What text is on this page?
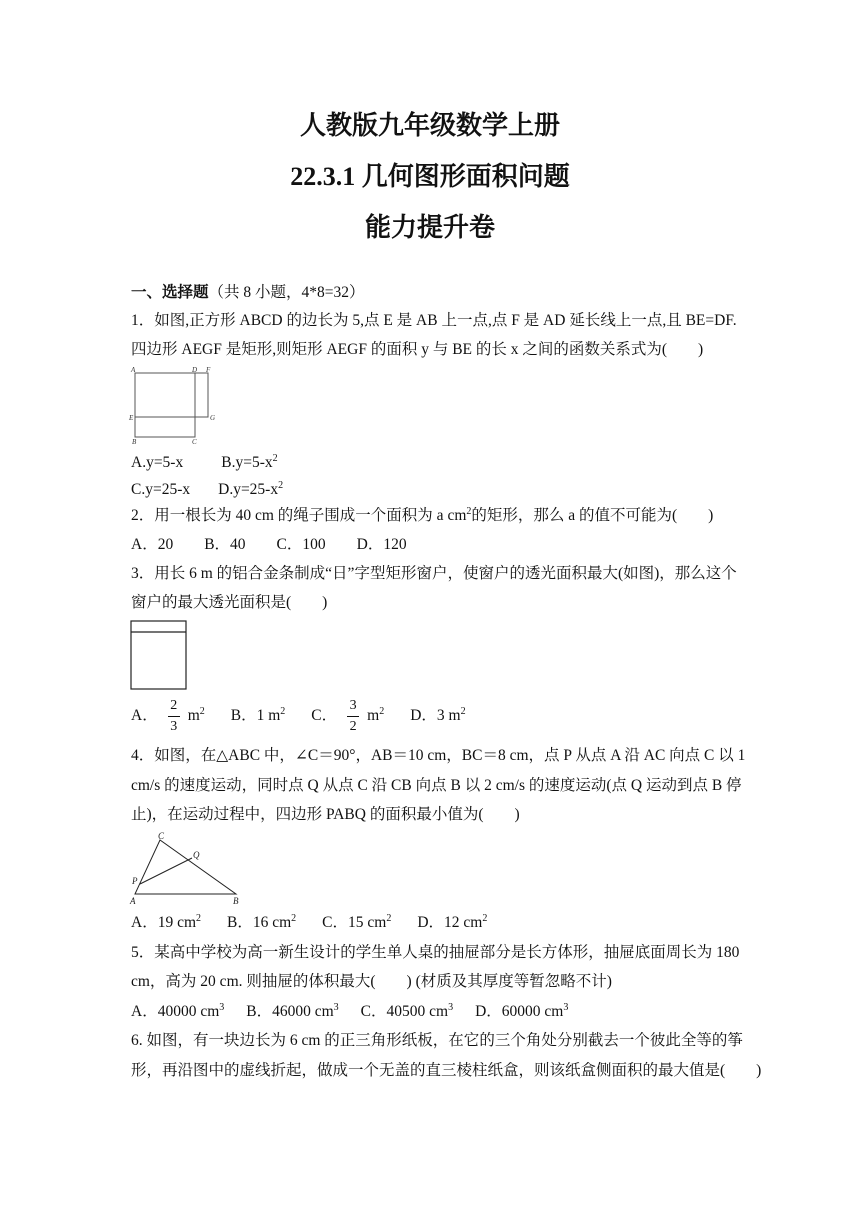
人教版九年级数学上册
22.3.1 几何图形面积问题
能力提升卷
一、选择题（共 8 小题，4*8=32）
1．如图,正方形 ABCD 的边长为 5,点 E 是 AB 上一点,点 F 是 AD 延长线上一点,且 BE=DF.
四边形 AEGF 是矩形,则矩形 AEGF 的面积 y 与 BE 的长 x 之间的函数关系式为(　　)
A	D F
E	G
B	C
A.y=5-x $B.y=5-x^2$
C.y=25-x $D.y=25-x^2$
2．用一根长为 40 cm 的绳子围成一个面积为 a $cm^2$的矩形，那么 a 的值不可能为(　　)
A．20　　B．40　　C．100　　D．120
3．用长 6 m 的铝合金条制成“日”字型矩形窗户，使窗户的透光面积最大(如图)，那么这个
窗户的最大透光面积是(　　)
A． $\frac{2}{3} m^2$ B．1 $m^2$ C． $\frac{3}{2} m^2$ D．3 $m^2$
4．如图，在△ABC 中，∠C＝90°，AB＝10 cm，BC＝8 cm，点 P 从点 A 沿 AC 向点 C 以 1
cm/s 的速度运动，同时点 Q 从点 C 沿 CB 向点 B 以 2 cm/s 的速度运动(点 Q 运动到点 B 停
止)，在运动过程中，四边形 PABQ 的面积最小值为(　　)
C
Q
P
A	B
A．19 $cm^2$ B．16 $cm^2$ C．15 $cm^2$ D．12 $cm^2$
5．某高中学校为高一新生设计的学生单人桌的抽屉部分是长方体形，抽屉底面周长为 180
cm，高为 20 cm. 则抽屉的体积最大(　　) (材质及其厚度等暂忽略不计)
A．40000 $cm^3$ B．46000 $cm^3$ C．40500 $cm^3$ D．60000 $cm^3$
6. 如图，有一块边长为 6 cm 的正三角形纸板，在它的三个角处分别截去一个彼此全等的筝
形，再沿图中的虚线折起，做成一个无盖的直三棱柱纸盒，则该纸盒侧面积的最大值是(　　)
